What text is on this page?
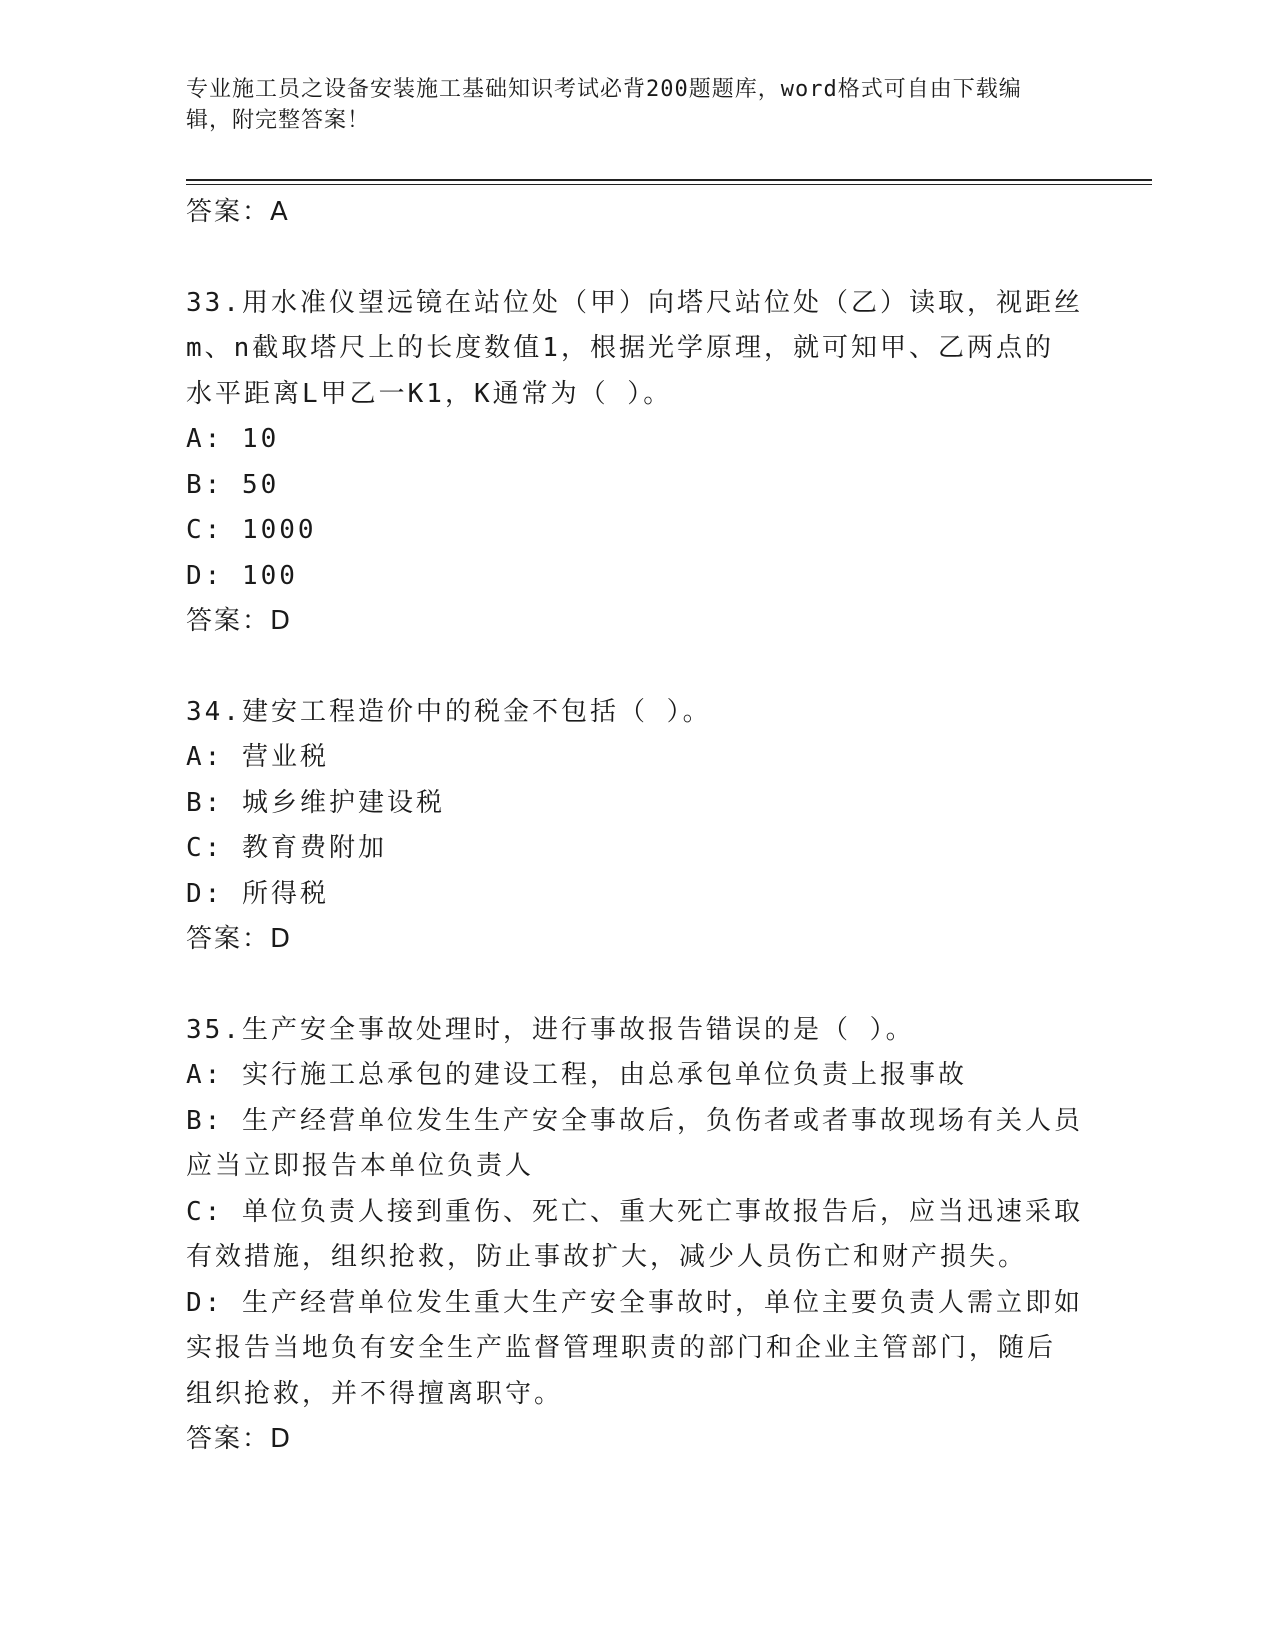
专业施工员之设备安装施工基础知识考试必背200题题库，word格式可自由下载编辑，附完整答案！
答案：A
33.用水准仪望远镜在站位处（甲）向塔尺站位处（乙）读取，视距丝
m、n截取塔尺上的长度数值1，根据光学原理，就可知甲、乙两点的
水平距离L甲乙一K1，K通常为（ ）。
A: 10
B: 50
C: 1000
D: 100
答案：D
34.建安工程造价中的税金不包括（ ）。
A: 营业税
B: 城乡维护建设税
C: 教育费附加
D: 所得税
答案：D
35.生产安全事故处理时，进行事故报告错误的是（ ）。
A: 实行施工总承包的建设工程，由总承包单位负责上报事故
B: 生产经营单位发生生产安全事故后，负伤者或者事故现场有关人员
应当立即报告本单位负责人
C: 单位负责人接到重伤、死亡、重大死亡事故报告后，应当迅速采取
有效措施，组织抢救，防止事故扩大，减少人员伤亡和财产损失。
D: 生产经营单位发生重大生产安全事故时，单位主要负责人需立即如
实报告当地负有安全生产监督管理职责的部门和企业主管部门，随后
组织抢救，并不得擅离职守。
答案：D
